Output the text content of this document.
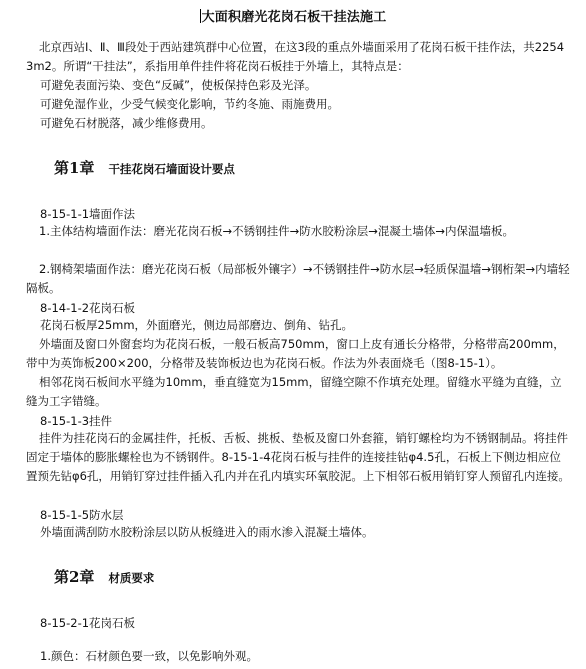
大面积磨光花岗石板干挂法施工

北京西站Ⅰ、Ⅱ、Ⅲ段处于西站建筑群中心位置，在这3段的重点外墙面采用了花岗石板干挂作法，共22543m2。所谓“干挂法”，系指用单件挂件将花岗石板挂于外墙上，其特点是：

可避免表面污染、变色“反碱”，使板保持色彩及光泽。
可避免湿作业，少受气候变化影响，节约冬施、雨施费用。
可避免石材脱落，减少维修费用。
第1章 干挂花岗石墙面设计要点
8-15-1-1墙面作法

1.主体结构墙面作法：磨光花岗石板→不锈钢挂件→防水胶粉涂层→混凝土墙体→内保温墙板。

2.钢椅架墙面作法：磨光花岗石板（局部板外镶字）→不锈钢挂件→防水层→轻质保温墙→钢桁架→内墙轻隔板。

8-14-1-2花岗石板
花岗石板厚25mm，外面磨光，侧边局部磨边、倒角、钻孔。

外墙面及窗口外窗套均为花岗石板，一般石板高750mm，窗口上皮有通长分格带，分格带高200mm，带中为英饰板200×200，分格带及装饰板边也为花岗石板。作法为外表面烧毛（图8-15-1）。

相邻花岗石板间水平缝为10mm，垂直缝宽为15mm，留缝空隙不作填充处理。留缝水平缝为直缝，立缝为工字错缝。

8-15-1-3挂件

挂件为挂花岗石的金属挂件，托板、舌板、挑板、垫板及窗口外套箍，销钉螺栓均为不锈钢制品。将挂件固定于墙体的膨胀螺栓也为不锈钢件。8-15-1-4花岗石板与挂件的连接挂钻φ4.5孔，石板上下侧边相应位置预先钻φ6孔，用销钉穿过挂件插入孔内并在孔内填实环氧胶泥。上下相邻石板用销钉穿人预留孔内连接。

8-15-1-5防水层
外墙面满刮防水胶粉涂层以防从板缝进入的雨水渗入混凝土墙体。
第2章 材质要求
8-15-2-1花岗石板
1.颜色：石材颜色要一致，以免影响外观。
